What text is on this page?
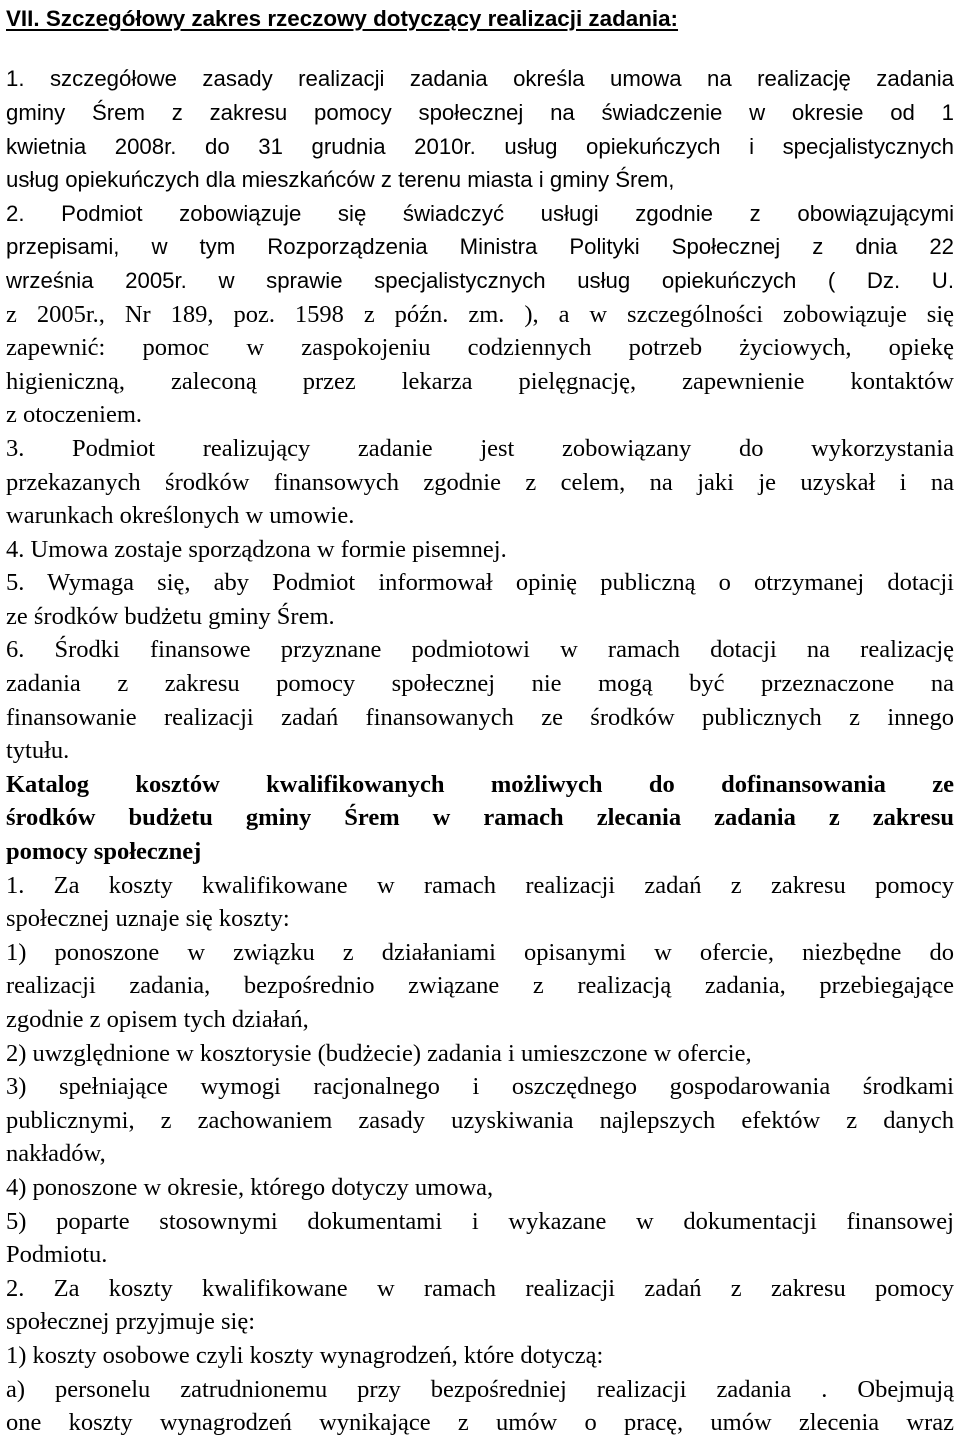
VII. Szczegółowy zakres rzeczowy dotyczący realizacji zadania:
1. szczegółowe zasady realizacji zadania określa umowa na realizację zadania
gminy Śrem z zakresu pomocy społecznej na świadczenie w okresie od 1
kwietnia 2008r. do 31 grudnia 2010r. usług opiekuńczych i specjalistycznych
usług opiekuńczych dla mieszkańców z terenu miasta i gminy Śrem,
2. Podmiot zobowiązuje się świadczyć usługi zgodnie z obowiązującymi
przepisami, w tym Rozporządzenia Ministra Polityki Społecznej z dnia 22
września 2005r. w sprawie specjalistycznych usług opiekuńczych ( Dz. U.
z 2005r., Nr 189, poz. 1598 z późn. zm. ), a w szczególności zobowiązuje się
zapewnić: pomoc w zaspokojeniu codziennych potrzeb życiowych, opiekę
higieniczną, zaleconą przez lekarza pielęgnację, zapewnienie kontaktów
z otoczeniem.
3. Podmiot realizujący zadanie jest zobowiązany do wykorzystania
przekazanych środków finansowych zgodnie z celem, na jaki je uzyskał i na
warunkach określonych w umowie.
4. Umowa zostaje sporządzona w formie pisemnej.
5. Wymaga się, aby Podmiot informował opinię publiczną o otrzymanej dotacji
ze środków budżetu gminy Śrem.
6. Środki finansowe przyznane podmiotowi w ramach dotacji na realizację
zadania z zakresu pomocy społecznej nie mogą być przeznaczone na
finansowanie realizacji zadań finansowanych ze środków publicznych z innego
tytułu.
Katalog kosztów kwalifikowanych możliwych do dofinansowania ze
środków budżetu gminy Śrem w ramach zlecania zadania z zakresu
pomocy społecznej
1. Za koszty kwalifikowane w ramach realizacji zadań z zakresu pomocy
społecznej uznaje się koszty:
1) ponoszone w związku z działaniami opisanymi w ofercie, niezbędne do
realizacji zadania, bezpośrednio związane z realizacją zadania, przebiegające
zgodnie z opisem tych działań,
2) uwzględnione w kosztorysie (budżecie) zadania i umieszczone w ofercie,
3) spełniające wymogi racjonalnego i oszczędnego gospodarowania środkami
publicznymi, z zachowaniem zasady uzyskiwania najlepszych efektów z danych
nakładów,
4) ponoszone w okresie, którego dotyczy umowa,
5) poparte stosownymi dokumentami i wykazane w dokumentacji finansowej
Podmiotu.
2. Za koszty kwalifikowane w ramach realizacji zadań z zakresu pomocy
społecznej przyjmuje się:
1) koszty osobowe czyli koszty wynagrodzeń, które dotyczą:
a) personelu zatrudnionemu przy bezpośredniej realizacji zadania . Obejmują
one koszty wynagrodzeń wynikające z umów o pracę, umów zlecenia wraz
